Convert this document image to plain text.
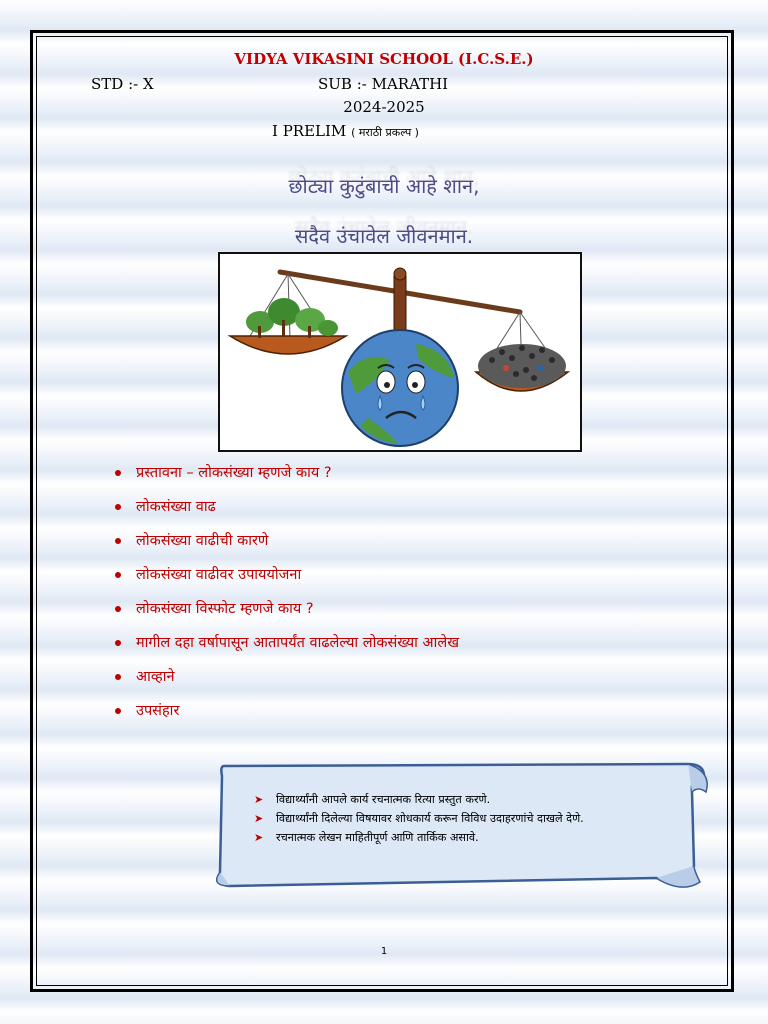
VIDYA VIKASINI SCHOOL (I.C.S.E.)
STD :- X	SUB :- MARATHI
2024-2025
I PRELIM ( मराठी प्रकल्प )
छोट्या कुटुंबाची आहे शान,
सदैव उंचावेल जीवनमान.
प्रस्तावना – लोकसंख्या म्हणजे काय ?
लोकसंख्या वाढ
लोकसंख्या वाढीची कारणे
लोकसंख्या वाढीवर उपाययोजना
लोकसंख्या विस्फोट म्हणजे काय ?
मागील दहा वर्षापासून आतापर्यंत वाढलेल्या लोकसंख्या आलेख
आव्हाने
उपसंहार
➤ विद्यार्थ्यांनी आपले कार्य रचनात्मक रित्या प्रस्तुत करणे.
➤ विद्यार्थ्यांनी दिलेल्या विषयावर शोधकार्य करून विविध उदाहरणांचे दाखले देणे.
➤ रचनात्मक लेखन माहितीपूर्ण आणि तार्किक असावे.
1
